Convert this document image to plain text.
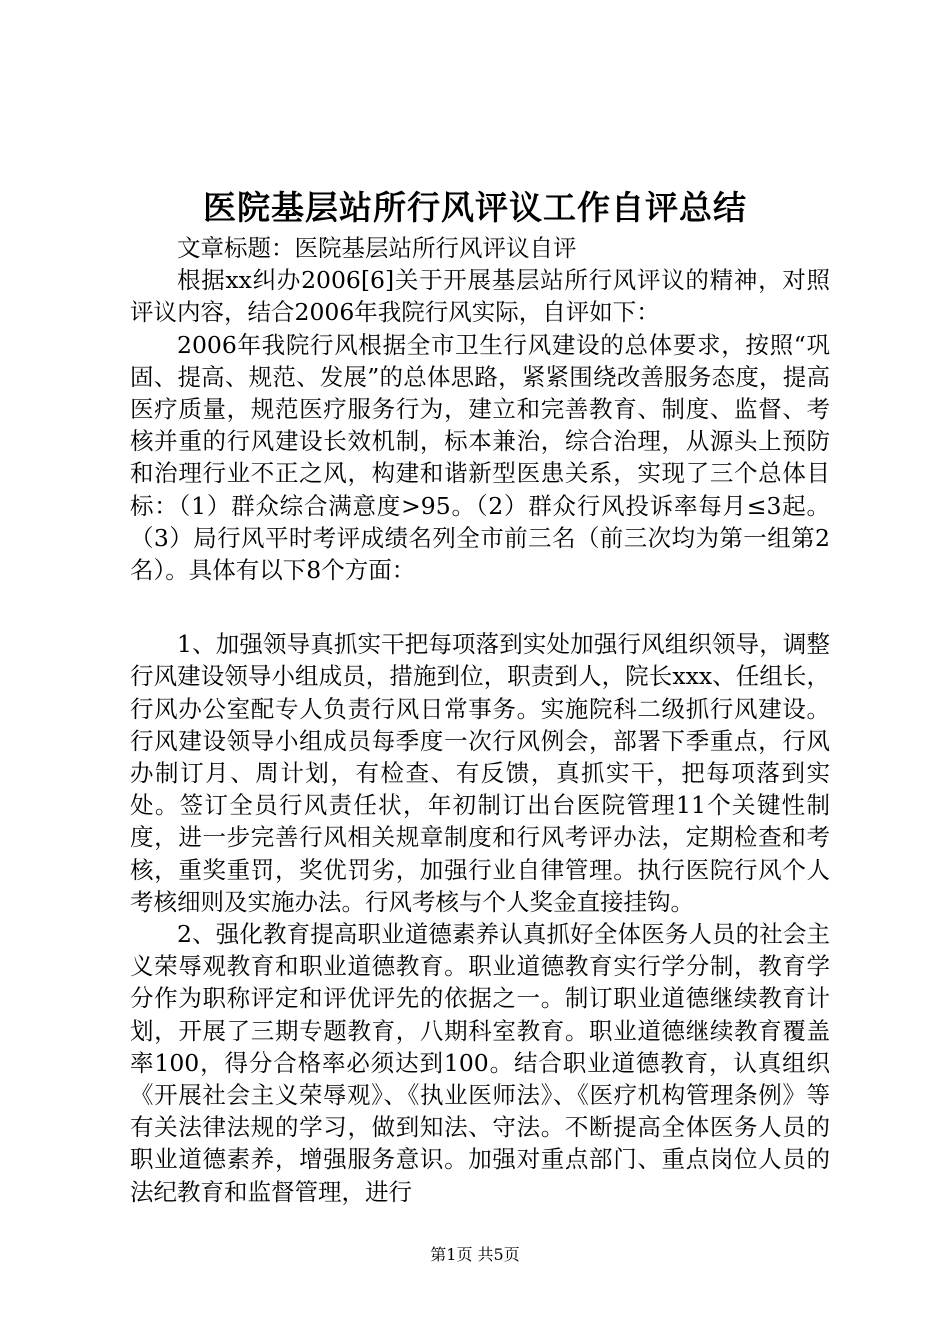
医院基层站所行风评议工作自评总结

文章标题：医院基层站所行风评议自评

根据xx纠办2006[6]关于开展基层站所行风评议的精神，对照评议内容，结合2006年我院行风实际，自评如下：

2006年我院行风根据全市卫生行风建设的总体要求，按照“巩固、提高、规范、发展”的总体思路，紧紧围绕改善服务态度，提高医疗质量，规范医疗服务行为，建立和完善教育、制度、监督、考核并重的行风建设长效机制，标本兼治，综合治理，从源头上预防和治理行业不正之风，构建和谐新型医患关系，实现了三个总体目标：（1）群众综合满意度>95。（2）群众行风投诉率每月≤3起。（3）局行风平时考评成绩名列全市前三名（前三次均为第一组第2名）。具体有以下8个方面：

1、加强领导真抓实干把每项落到实处加强行风组织领导，调整行风建设领导小组成员，措施到位，职责到人，院长xxx、任组长，行风办公室配专人负责行风日常事务。实施院科二级抓行风建设。行风建设领导小组成员每季度一次行风例会，部署下季重点，行风办制订月、周计划，有检查、有反馈，真抓实干，把每项落到实处。签订全员行风责任状，年初制订出台医院管理11个关键性制度，进一步完善行风相关规章制度和行风考评办法，定期检查和考核，重奖重罚，奖优罚劣，加强行业自律管理。执行医院行风个人考核细则及实施办法。行风考核与个人奖金直接挂钩。

2、强化教育提高职业道德素养认真抓好全体医务人员的社会主义荣辱观教育和职业道德教育。职业道德教育实行学分制，教育学分作为职称评定和评优评先的依据之一。制订职业道德继续教育计划，开展了三期专题教育，八期科室教育。职业道德继续教育覆盖率100，得分合格率必须达到100。结合职业道德教育，认真组织《开展社会主义荣辱观》、《执业医师法》、《医疗机构管理条例》等有关法律法规的学习，做到知法、守法。不断提高全体医务人员的职业道德素养，增强服务意识。加强对重点部门、重点岗位人员的法纪教育和监督管理，进行

第1页 共5页
